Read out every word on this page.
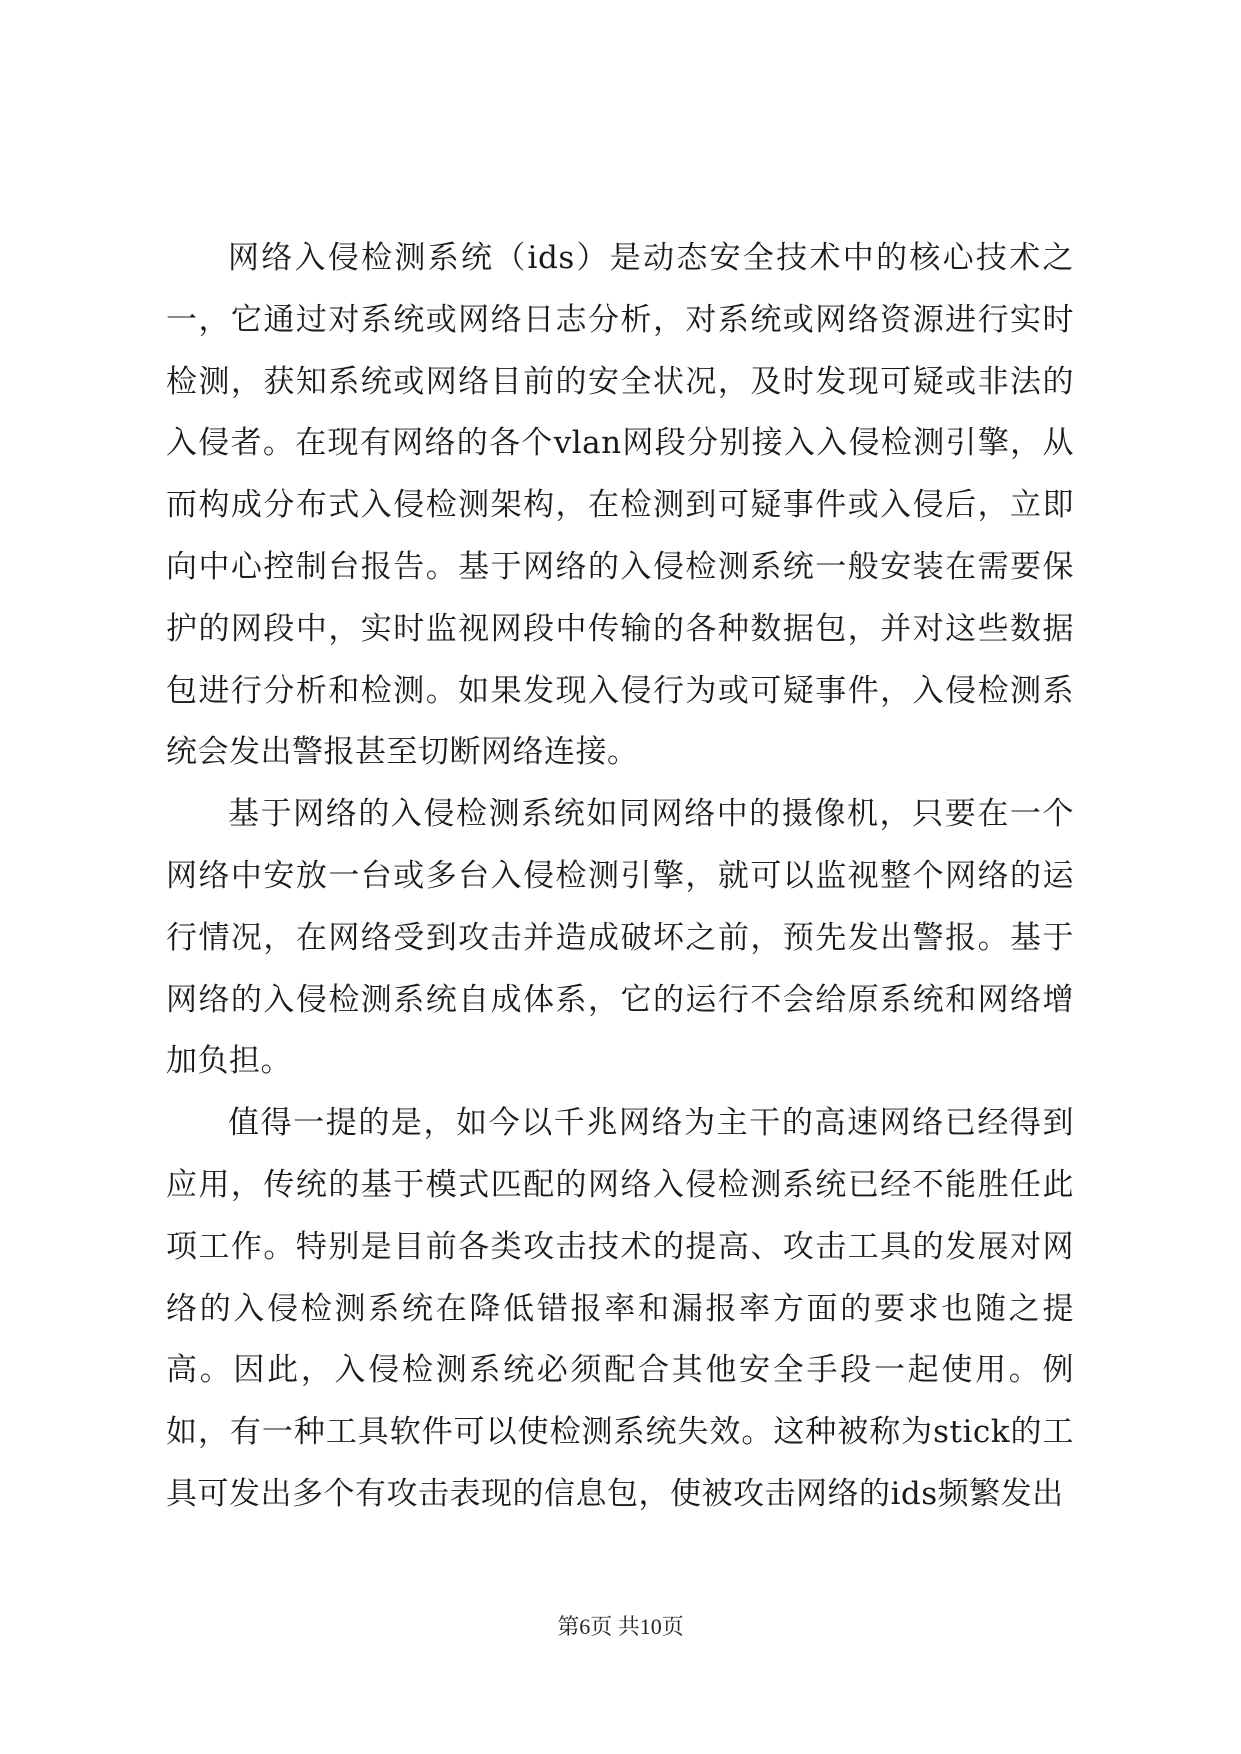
网络入侵检测系统（ids）是动态安全技术中的核心技术之一，它通过对系统或网络日志分析，对系统或网络资源进行实时检测，获知系统或网络目前的安全状况，及时发现可疑或非法的入侵者。在现有网络的各个vlan网段分别接入入侵检测引擎，从而构成分布式入侵检测架构，在检测到可疑事件或入侵后，立即向中心控制台报告。基于网络的入侵检测系统一般安装在需要保护的网段中，实时监视网段中传输的各种数据包，并对这些数据包进行分析和检测。如果发现入侵行为或可疑事件，入侵检测系统会发出警报甚至切断网络连接。

基于网络的入侵检测系统如同网络中的摄像机，只要在一个网络中安放一台或多台入侵检测引擎，就可以监视整个网络的运行情况，在网络受到攻击并造成破坏之前，预先发出警报。基于网络的入侵检测系统自成体系，它的运行不会给原系统和网络增加负担。

值得一提的是，如今以千兆网络为主干的高速网络已经得到应用，传统的基于模式匹配的网络入侵检测系统已经不能胜任此项工作。特别是目前各类攻击技术的提高、攻击工具的发展对网络的入侵检测系统在降低错报率和漏报率方面的要求也随之提高。因此，入侵检测系统必须配合其他安全手段一起使用。例如，有一种工具软件可以使检测系统失效。这种被称为stick的工具可发出多个有攻击表现的信息包，使被攻击网络的ids频繁发出

第6页 共10页
